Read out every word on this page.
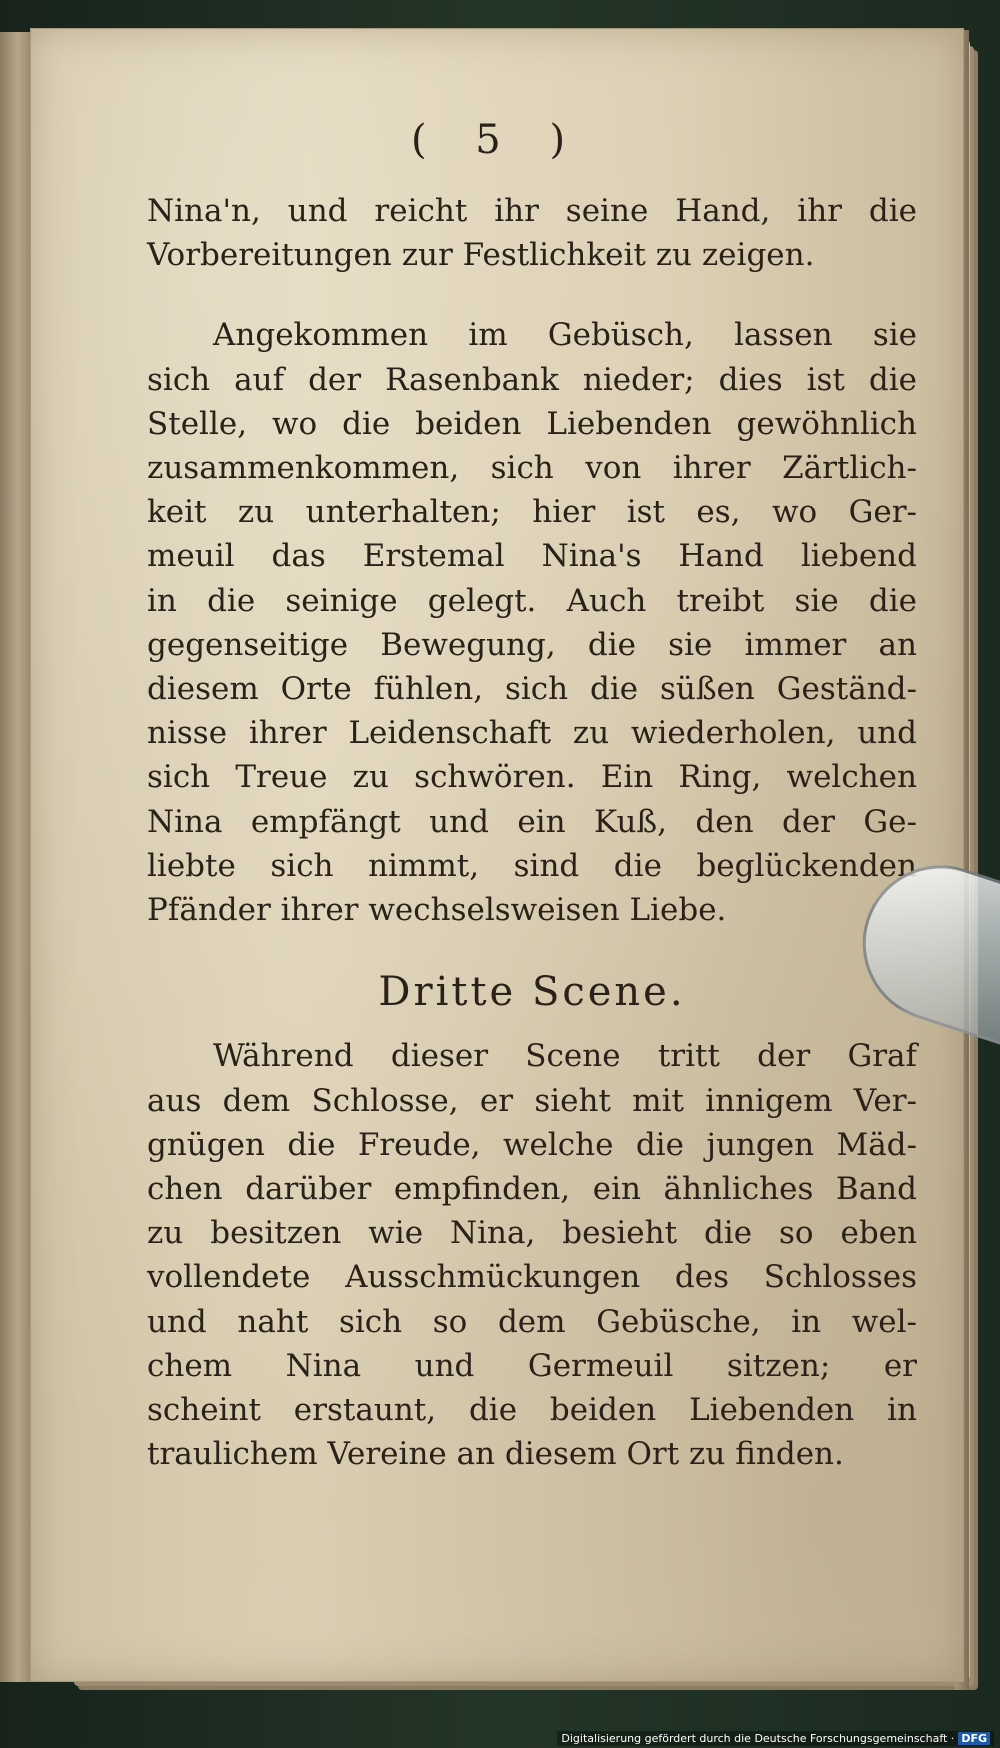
( 5 )
Nina'n, und reicht ihr seine Hand, ihr die
Vorbereitungen zur Festlichkeit zu zeigen.
Angekommen im Gebüsch, lassen sie
sich auf der Rasenbank nieder; dies ist die
Stelle, wo die beiden Liebenden gewöhnlich
zusammenkommen, sich von ihrer Zärtlich-
keit zu unterhalten; hier ist es, wo Ger-
meuil das Erstemal Nina's Hand liebend
in die seinige gelegt. Auch treibt sie die
gegenseitige Bewegung, die sie immer an
diesem Orte fühlen, sich die süßen Geständ-
nisse ihrer Leidenschaft zu wiederholen, und
sich Treue zu schwören. Ein Ring, welchen
Nina empfängt und ein Kuß, den der Ge-
liebte sich nimmt, sind die beglückenden
Pfänder ihrer wechselsweisen Liebe.
Dritte Scene.
Während dieser Scene tritt der Graf
aus dem Schlosse, er sieht mit innigem Ver-
gnügen die Freude, welche die jungen Mäd-
chen darüber empfinden, ein ähnliches Band
zu besitzen wie Nina, besieht die so eben
vollendete Ausschmückungen des Schlosses
und naht sich so dem Gebüsche, in wel-
chem Nina und Germeuil sitzen; er
scheint erstaunt, die beiden Liebenden in
traulichem Vereine an diesem Ort zu finden.
Digitalisierung gefördert durch die Deutsche Forschungsgemeinschaft · DFG
